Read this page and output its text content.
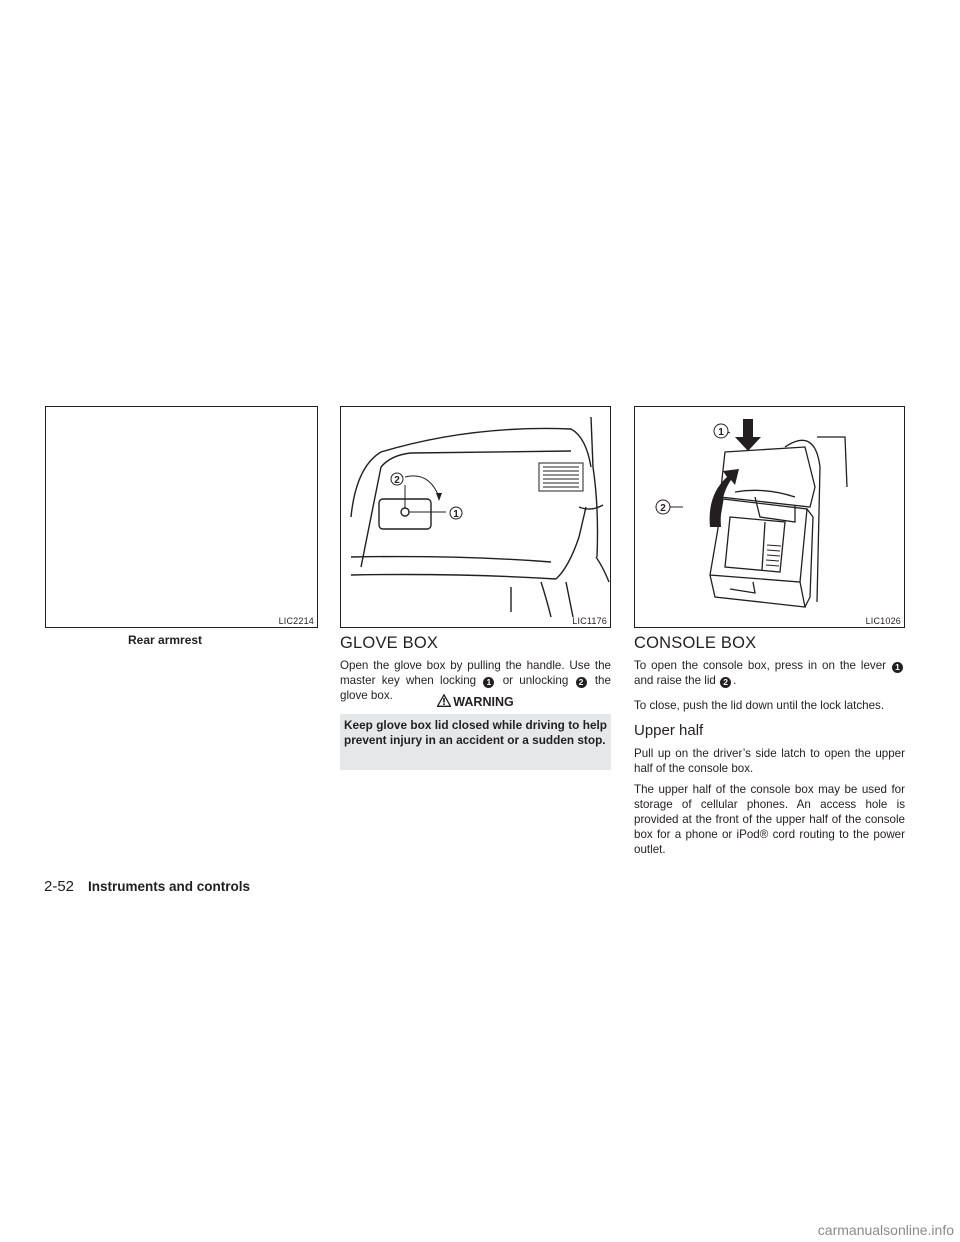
LIC2214
Rear armrest
2
1
LIC1176
1
2
LIC1026
GLOVE BOX

Open the glove box by pulling the handle. Use the master key when locking 1 or unlocking 2 the glove box.	WARNING

Keep glove box lid closed while driving to help prevent injury in an accident or a sudden stop.

CONSOLE BOX

To open the console box, press in on the lever 1 and raise the lid 2 .

To close, push the lid down until the lock latches.

Upper half

Pull up on the driver’s side latch to open the upper half of the console box.

The upper half of the console box may be used for storage of cellular phones. An access hole is provided at the front of the upper half of the console box for a phone or iPod® cord routing to the power outlet.

2-52 Instruments and controls
carmanualsonline.info
